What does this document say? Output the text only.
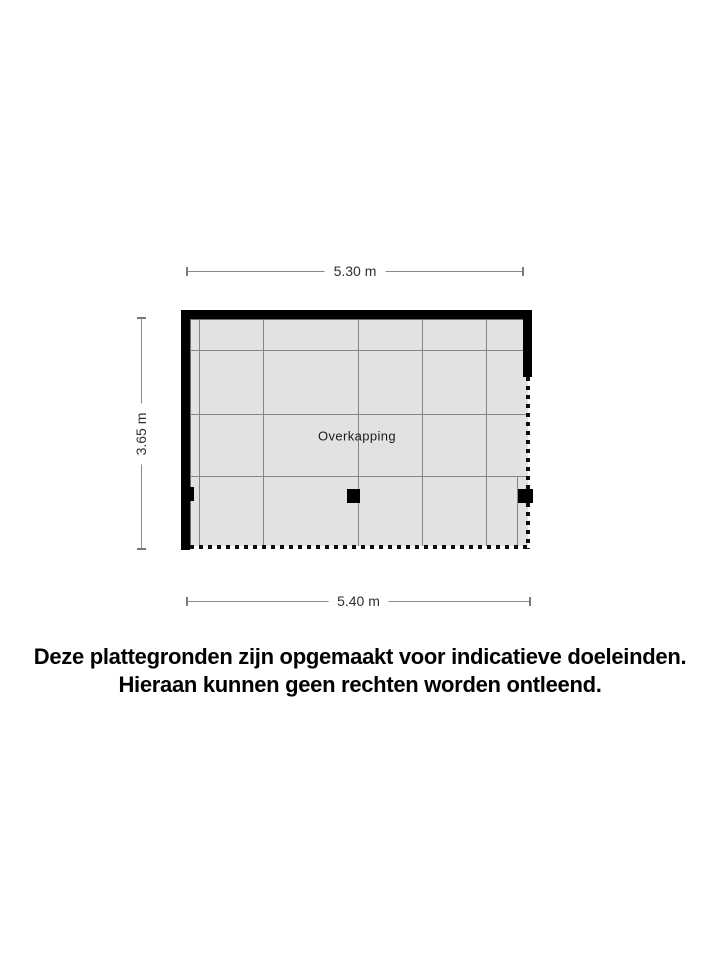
5.30 m
3.65 m
5.40 m
Overkapping
Deze plattegronden zijn opgemaakt voor indicatieve doeleinden.
Hieraan kunnen geen rechten worden ontleend.
